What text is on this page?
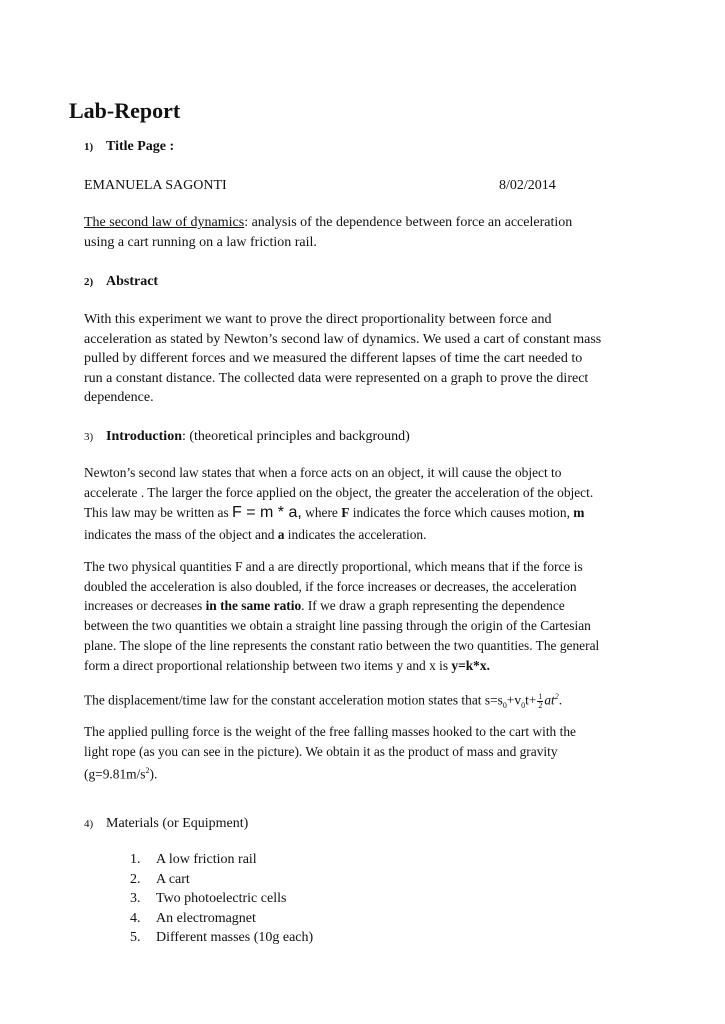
Lab-Report
1) Title Page :
EMANUELA SAGONTI	8/02/2014
The second law of dynamics: analysis of the dependence between force an acceleration
using a cart running on a law friction rail.
2) Abstract
With this experiment we want to prove the direct proportionality between force and
acceleration as stated by Newton’s second law of dynamics. We used a cart of constant mass
pulled by different forces and we measured the different lapses of time the cart needed to
run a constant distance. The collected data were represented on a graph to prove the direct
dependence.
3) Introduction: (theoretical principles and background)
Newton’s second law states that when a force acts on an object, it will cause the object to
accelerate . The larger the force applied on the object, the greater the acceleration of the object.
This law may be written as F = m * a, where F indicates the force which causes motion, m
indicates the mass of the object and a indicates the acceleration.
The two physical quantities F and a are directly proportional, which means that if the force is
doubled the acceleration is also doubled, if the force increases or decreases, the acceleration
increases or decreases in the same ratio. If we draw a graph representing the dependence
between the two quantities we obtain a straight line passing through the origin of the Cartesian
plane. The slope of the line represents the constant ratio between the two quantities. The general
form a direct proportional relationship between two items y and x is y=k*x.
The displacement/time law for the constant acceleration motion states that $s=s_0+v_0t+ \frac{1}{2} at^2$.
The applied pulling force is the weight of the free falling masses hooked to the cart with the
light rope (as you can see in the picture). We obtain it as the product of mass and gravity
$(g=9.81m/s^2)$.
4) Materials (or Equipment)
1.	A low friction rail
2.	A cart
3.	Two photoelectric cells
4.	An electromagnet
5.	Different masses (10g each)
